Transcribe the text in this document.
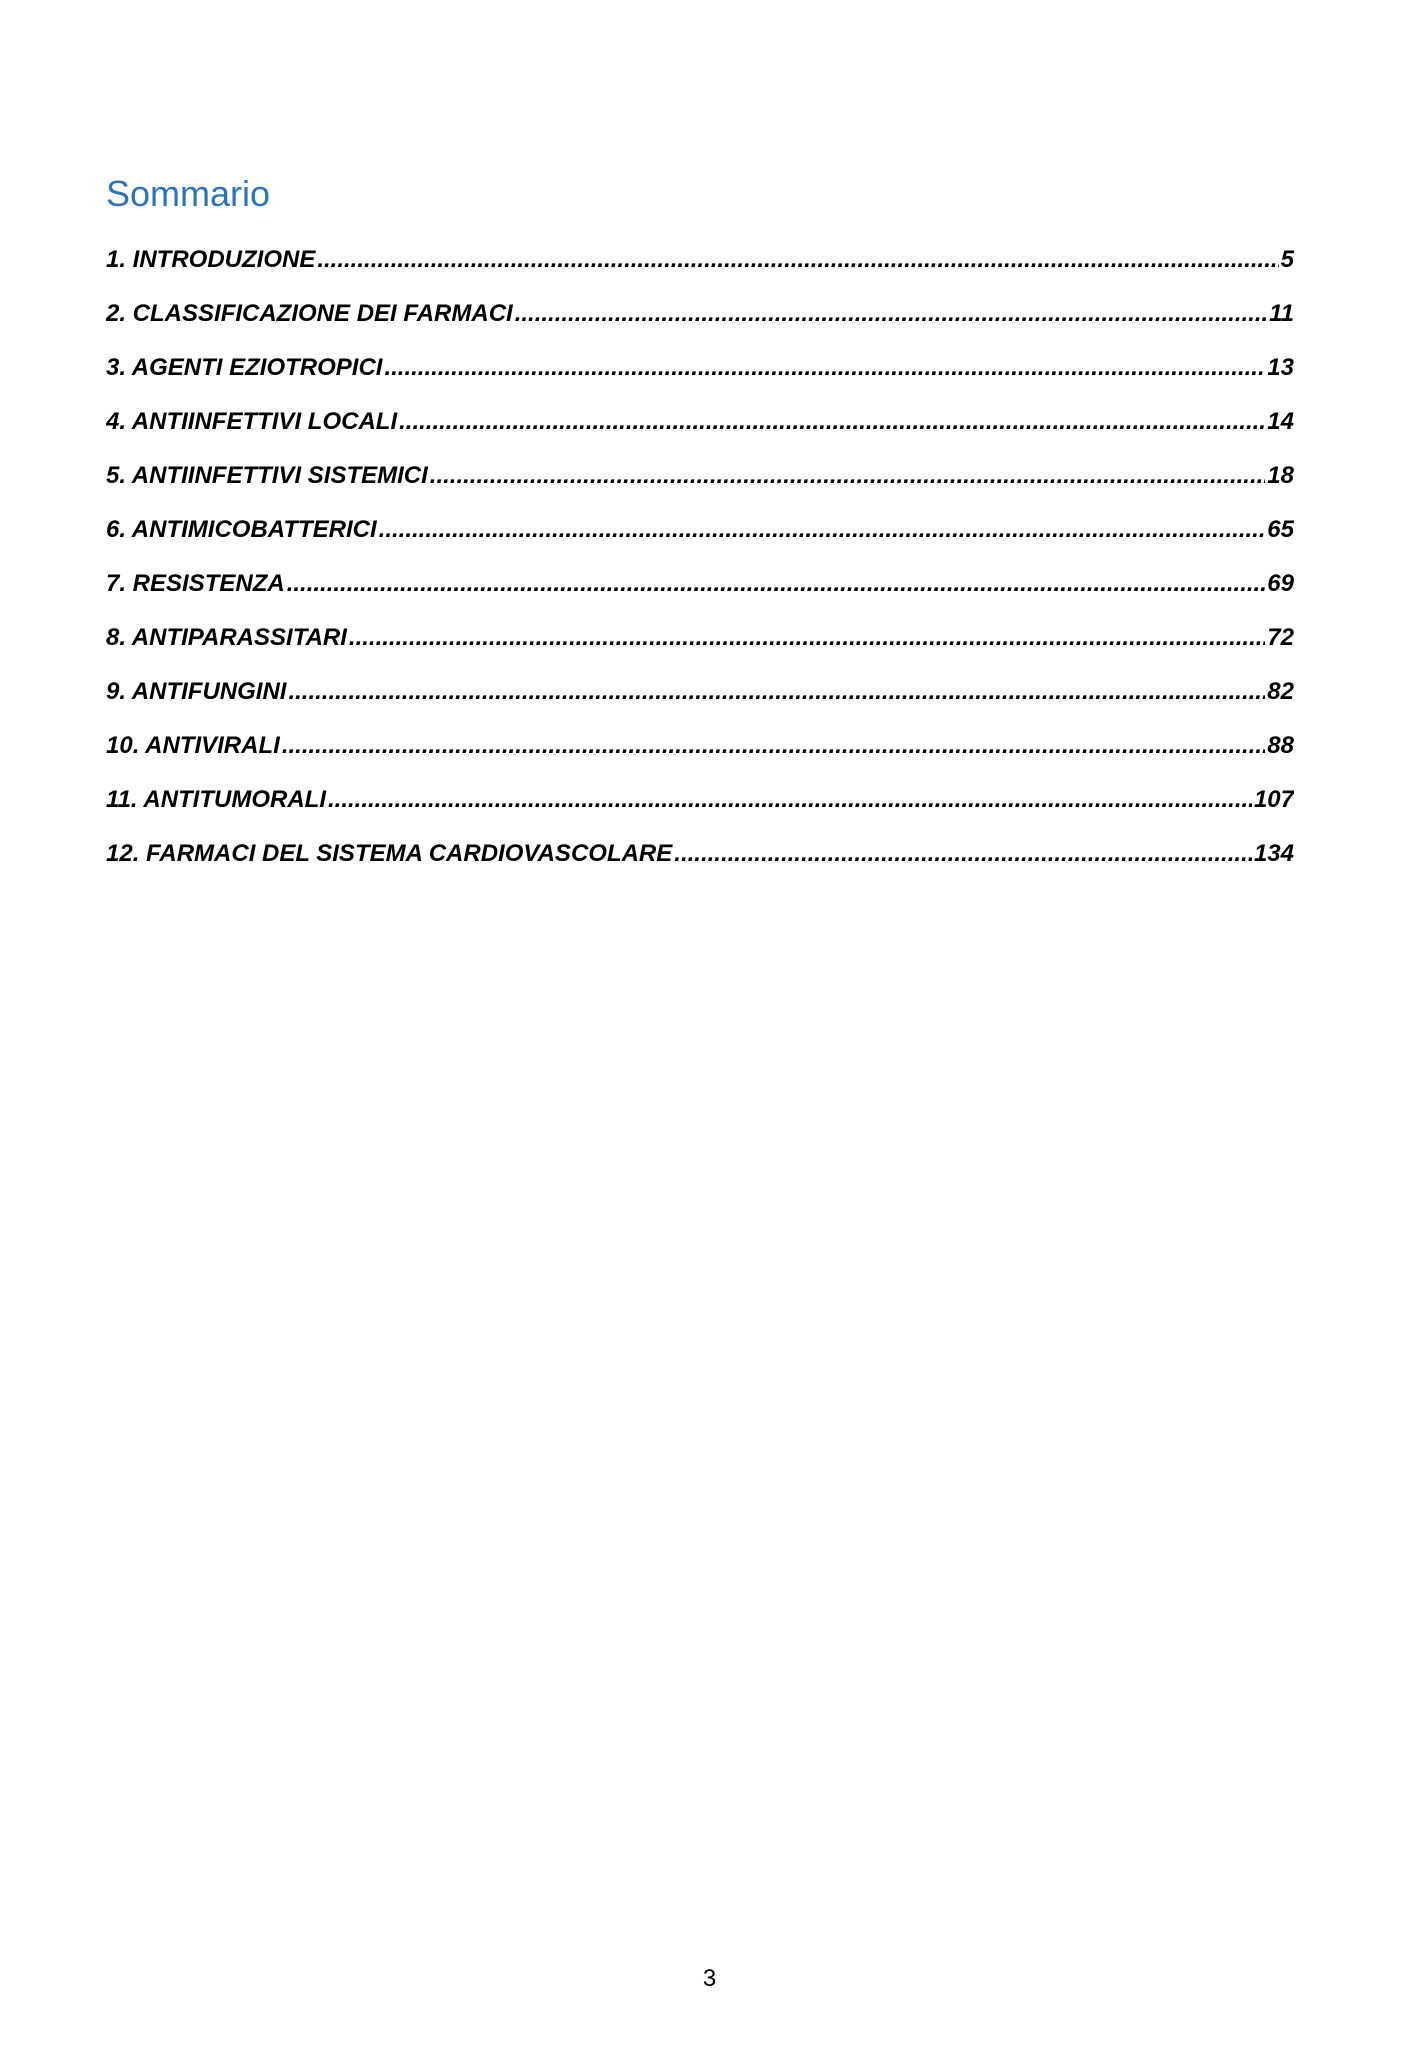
Sommario
1. INTRODUZIONE .....	5
2. CLASSIFICAZIONE DEI FARMACI .....	11
3. AGENTI EZIOTROPICI .....	13
4. ANTIINFETTIVI LOCALI .....	14
5. ANTIINFETTIVI SISTEMICI .....	18
6. ANTIMICOBATTERICI .....	65
7. RESISTENZA .....	69
8. ANTIPARASSITARI .....	72
9. ANTIFUNGINI .....	82
10. ANTIVIRALI .....	88
11. ANTITUMORALI .....	107
12. FARMACI DEL SISTEMA CARDIOVASCOLARE .....	134
3
